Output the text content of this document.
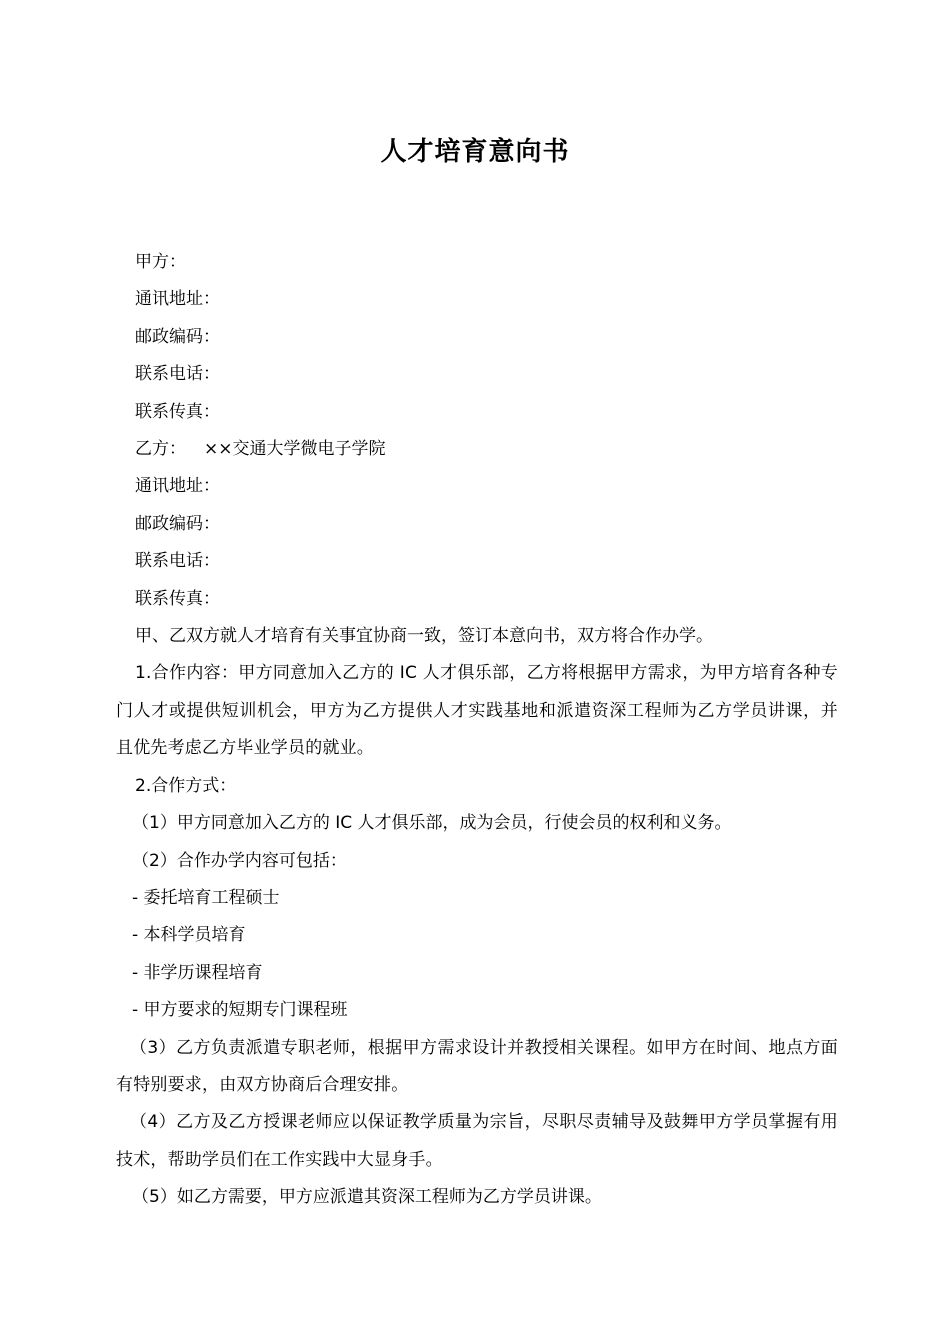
人才培育意向书
甲方：
通讯地址：
邮政编码：
联系电话：
联系传真：
乙方： ××交通大学微电子学院
通讯地址：
邮政编码：
联系电话：
联系传真：
甲、乙双方就人才培育有关事宜协商一致，签订本意向书，双方将合作办学。
1.合作内容：甲方同意加入乙方的 IC 人才俱乐部，乙方将根据甲方需求，为甲方培育各种专门人才或提供短训机会，甲方为乙方提供人才实践基地和派遣资深工程师为乙方学员讲课，并且优先考虑乙方毕业学员的就业。
2.合作方式：
（1）甲方同意加入乙方的 IC 人才俱乐部，成为会员，行使会员的权利和义务。
（2）合作办学内容可包括：
- 委托培育工程硕士
- 本科学员培育
- 非学历课程培育
- 甲方要求的短期专门课程班
（3）乙方负责派遣专职老师，根据甲方需求设计并教授相关课程。如甲方在时间、地点方面有特别要求，由双方协商后合理安排。
（4）乙方及乙方授课老师应以保证教学质量为宗旨，尽职尽责辅导及鼓舞甲方学员掌握有用技术，帮助学员们在工作实践中大显身手。
（5）如乙方需要，甲方应派遣其资深工程师为乙方学员讲课。
